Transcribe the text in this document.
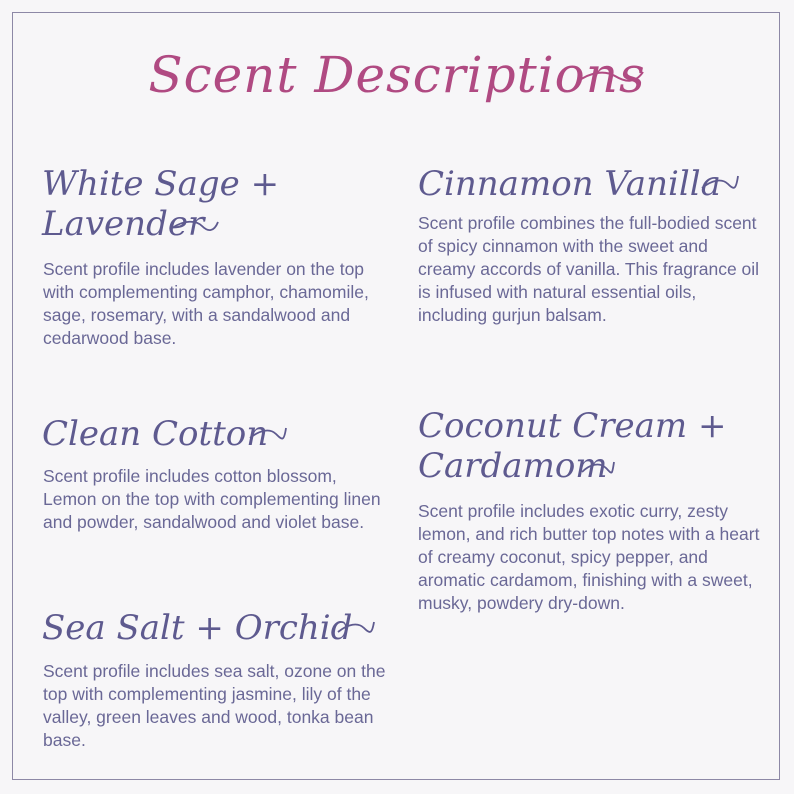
Scent Descriptions
White Sage +
Lavender
Scent profile includes lavender on the top with complementing camphor, chamomile, sage, rosemary, with a sandalwood and cedarwood base.
Clean Cotton
Scent profile includes cotton blossom, Lemon on the top with complementing linen and powder, sandalwood and violet base.
Sea Salt + Orchid
Scent profile includes sea salt, ozone on the top with complementing jasmine, lily of the valley, green leaves and wood, tonka bean base.
Cinnamon Vanilla
Scent profile combines the full-bodied scent of spicy cinnamon with the sweet and creamy accords of vanilla. This fragrance oil is infused with natural essential oils, including gurjun balsam.
Coconut Cream +
Cardamom
Scent profile includes exotic curry, zesty lemon, and rich butter top notes with a heart of creamy coconut, spicy pepper, and aromatic cardamom, finishing with a sweet, musky, powdery dry-down.
